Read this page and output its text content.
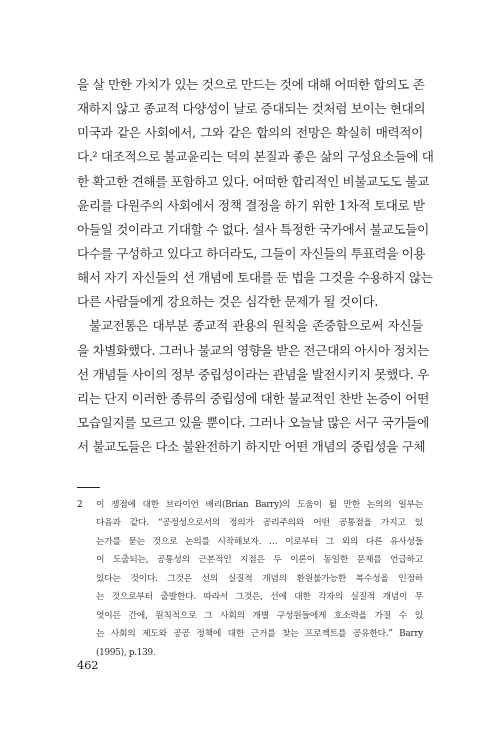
을 살 만한 가치가 있는 것으로 만드는 것에 대해 어떠한 합의도 존
재하지 않고 종교적 다양성이 날로 증대되는 것처럼 보이는 현대의
미국과 같은 사회에서, 그와 같은 합의의 전망은 확실히 매력적이
다.² 대조적으로 불교윤리는 덕의 본질과 좋은 삶의 구성요소들에 대
한 확고한 견해를 포함하고 있다. 어떠한 합리적인 비불교도도 불교
윤리를 다원주의 사회에서 정책 결정을 하기 위한 1차적 토대로 받
아들일 것이라고 기대할 수 없다. 설사 특정한 국가에서 불교도들이
다수를 구성하고 있다고 하더라도, 그들이 자신들의 투표력을 이용
해서 자기 자신들의 선 개념에 토대를 둔 법을 그것을 수용하지 않는
다른 사람들에게 강요하는 것은 심각한 문제가 될 것이다.
불교전통은 대부분 종교적 관용의 원칙을 존중함으로써 자신들
을 차별화했다. 그러나 불교의 영향을 받은 전근대의 아시아 정치는
선 개념들 사이의 정부 중립성이라는 관념을 발전시키지 못했다. 우
리는 단지 이러한 종류의 중립성에 대한 불교적인 찬반 논증이 어떤
모습일지를 모르고 있을 뿐이다. 그러나 오늘날 많은 서구 국가들에
서 불교도들은 다소 불완전하기 하지만 어떤 개념의 중립성을 구체
2 이 쟁점에 대한 브라이언 배리(Brian Barry)의 도움이 될 만한 논의의 일부는
다음과 같다. “공정성으로서의 정의가 공리주의와 어떤 공통점을 가지고 있
는가를 묻는 것으로 논의를 시작해보자. … 이로부터 그 외의 다른 유사성들
이 도출되는, 공통성의 근본적인 지점은 두 이론이 동일한 문제를 언급하고
있다는 것이다. 그것은 선의 실질적 개념의 환원불가능한 복수성을 인정하
는 것으로부터 출발한다. 따라서 그것은, 선에 대한 각자의 실질적 개념이 무
엇이든 간에, 원칙적으로 그 사회의 개별 구성원들에게 호소력을 가질 수 있
는 사회의 제도와 공공 정책에 대한 근거를 찾는 프로젝트를 공유한다.” Barry
(1995), p.139.
462
